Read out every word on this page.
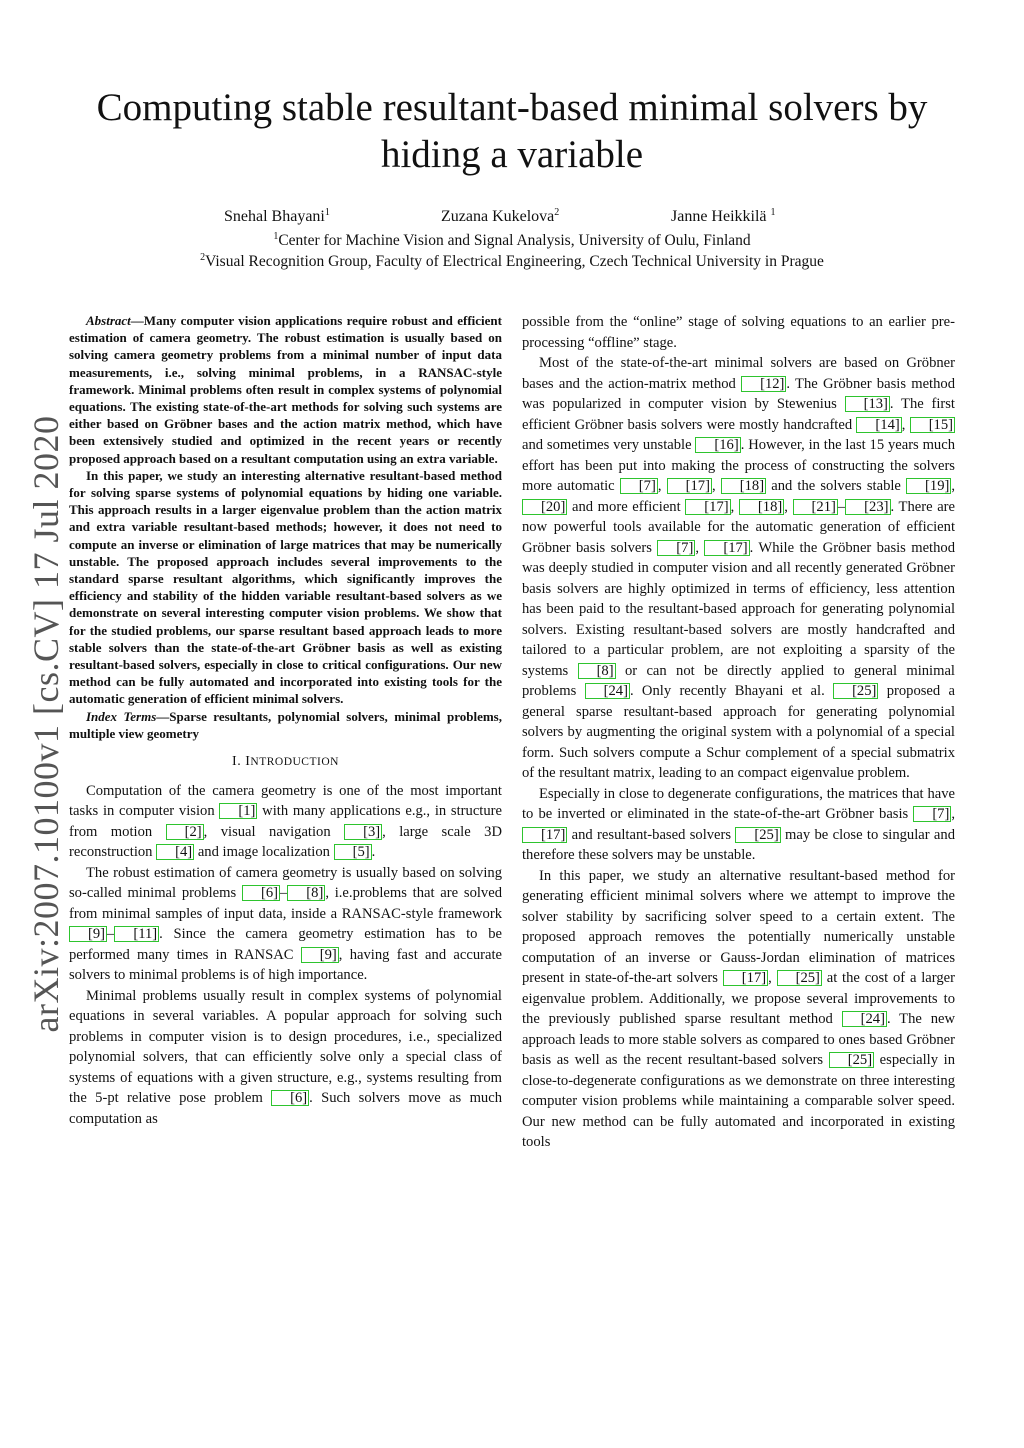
Computing stable resultant-based minimal solvers by hiding a variable
Snehal Bhayani$^1$	Zuzana Kukelova$^2$	Janne Heikkilä $^1$
$^1$Center for Machine Vision and Signal Analysis, University of Oulu, Finland
$^2$Visual Recognition Group, Faculty of Electrical Engineering, Czech Technical University in Prague
arXiv:2007.10100v1 [cs.CV] 17 Jul 2020

Abstract—Many computer vision applications require robust and efficient estimation of camera geometry. The robust estimation is usually based on solving camera geometry problems from a minimal number of input data measurements, i.e., solving minimal problems, in a RANSAC-style framework. Minimal problems often result in complex systems of polynomial equations. The existing state-of-the-art methods for solving such systems are either based on Gröbner bases and the action matrix method, which have been extensively studied and optimized in the recent years or recently proposed approach based on a resultant computation using an extra variable.

In this paper, we study an interesting alternative resultant-based method for solving sparse systems of polynomial equations by hiding one variable. This approach results in a larger eigenvalue problem than the action matrix and extra variable resultant-based methods; however, it does not need to compute an inverse or elimination of large matrices that may be numerically unstable. The proposed approach includes several improvements to the standard sparse resultant algorithms, which significantly improves the efficiency and stability of the hidden variable resultant-based solvers as we demonstrate on several interesting computer vision problems. We show that for the studied problems, our sparse resultant based approach leads to more stable solvers than the state-of-the-art Gröbner basis as well as existing resultant-based solvers, especially in close to critical configurations. Our new method can be fully automated and incorporated into existing tools for the automatic generation of efficient minimal solvers.

Index Terms—Sparse resultants, polynomial solvers, minimal problems, multiple view geometry

I. INTRODUCTION

Computation of the camera geometry is one of the most important tasks in computer vision [1] with many applications e.g., in structure from motion [2] , visual navigation [3] , large scale 3D reconstruction [4] and image localization [5] .

The robust estimation of camera geometry is usually based on solving so-called minimal problems [6] – [8] , i.e.problems that are solved from minimal samples of input data, inside a RANSAC-style framework [9] – [11] . Since the camera geometry estimation has to be performed many times in RANSAC [9] , having fast and accurate solvers to minimal problems is of high importance.

Minimal problems usually result in complex systems of polynomial equations in several variables. A popular approach for solving such problems in computer vision is to design procedures, i.e., specialized polynomial solvers, that can efficiently solve only a special class of systems of equations with a given structure, e.g., systems resulting from the 5-pt relative pose problem [6] . Such solvers move as much computation as

possible from the “online” stage of solving equations to an earlier pre-processing “offline” stage.

Most of the state-of-the-art minimal solvers are based on Gröbner bases and the action-matrix method [12] . The Gröbner basis method was popularized in computer vision by Stewenius [13] . The first efficient Gröbner basis solvers were mostly handcrafted [14] , [15] and sometimes very unstable [16] . However, in the last 15 years much effort has been put into making the process of constructing the solvers more automatic [7] , [17] , [18] and the solvers stable [19] , [20] and more efficient [17] , [18] , [21] – [23] . There are now powerful tools available for the automatic generation of efficient Gröbner basis solvers [7] , [17] . While the Gröbner basis method was deeply studied in computer vision and all recently generated Gröbner basis solvers are highly optimized in terms of efficiency, less attention has been paid to the resultant-based approach for generating polynomial solvers. Existing resultant-based solvers are mostly handcrafted and tailored to a particular problem, are not exploiting a sparsity of the systems [8] or can not be directly applied to general minimal problems [24] . Only recently Bhayani et al. [25] proposed a general sparse resultant-based approach for generating polynomial solvers by augmenting the original system with a polynomial of a special form. Such solvers compute a Schur complement of a special submatrix of the resultant matrix, leading to an compact eigenvalue problem.

Especially in close to degenerate configurations, the matrices that have to be inverted or eliminated in the state-of-the-art Gröbner basis [7] , [17] and resultant-based solvers [25] may be close to singular and therefore these solvers may be unstable.

In this paper, we study an alternative resultant-based method for generating efficient minimal solvers where we attempt to improve the solver stability by sacrificing solver speed to a certain extent. The proposed approach removes the potentially numerically unstable computation of an inverse or Gauss-Jordan elimination of matrices present in state-of-the-art solvers [17] , [25] at the cost of a larger eigenvalue problem. Additionally, we propose several improvements to the previously published sparse resultant method [24] . The new approach leads to more stable solvers as compared to ones based Gröbner basis as well as the recent resultant-based solvers [25] especially in close-to-degenerate configurations as we demonstrate on three interesting computer vision problems while maintaining a comparable solver speed. Our new method can be fully automated and incorporated in existing tools
